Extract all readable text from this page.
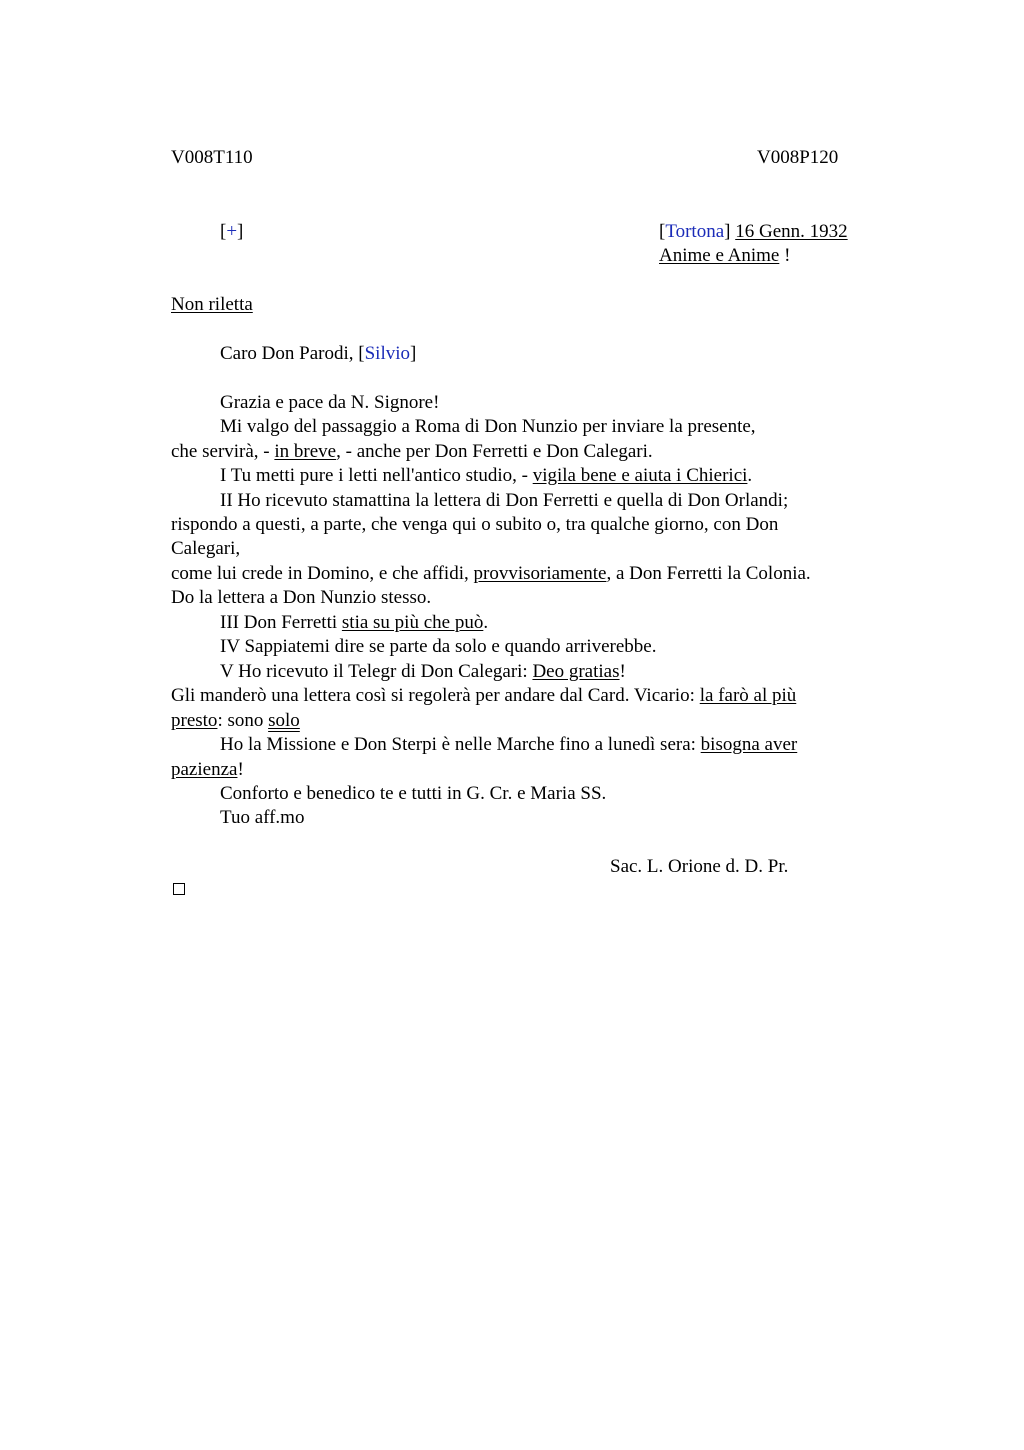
V008T110	V008P120
[+]	[Tortona] 16 Genn. 1932
Anime e Anime !
Non riletta
Caro Don Parodi, [Silvio]
Grazia e pace da N. Signore!
Mi valgo del passaggio a Roma di Don Nunzio per inviare la presente,
che servirà, - in breve, - anche per Don Ferretti e Don Calegari.
I Tu metti pure i letti nell'antico studio, - vigila bene e aiuta i Chierici.
II Ho ricevuto stamattina la lettera di Don Ferretti e quella di Don Orlandi;
rispondo a questi, a parte, che venga qui o subito o, tra qualche giorno, con Don
Calegari,
come lui crede in Domino, e che affidi, provvisoriamente, a Don Ferretti la Colonia.
Do la lettera a Don Nunzio stesso.
III Don Ferretti stia su più che può.
IV Sappiatemi dire se parte da solo e quando arriverebbe.
V Ho ricevuto il Telegr di Don Calegari: Deo gratias!
Gli manderò una lettera così si regolerà per andare dal Card. Vicario: la farò al più
presto: sono solo
Ho la Missione e Don Sterpi è nelle Marche fino a lunedì sera: bisogna aver
pazienza!
Conforto e benedico te e tutti in G. Cr. e Maria SS.
Tuo aff.mo
Sac. L. Orione d. D. Pr.
